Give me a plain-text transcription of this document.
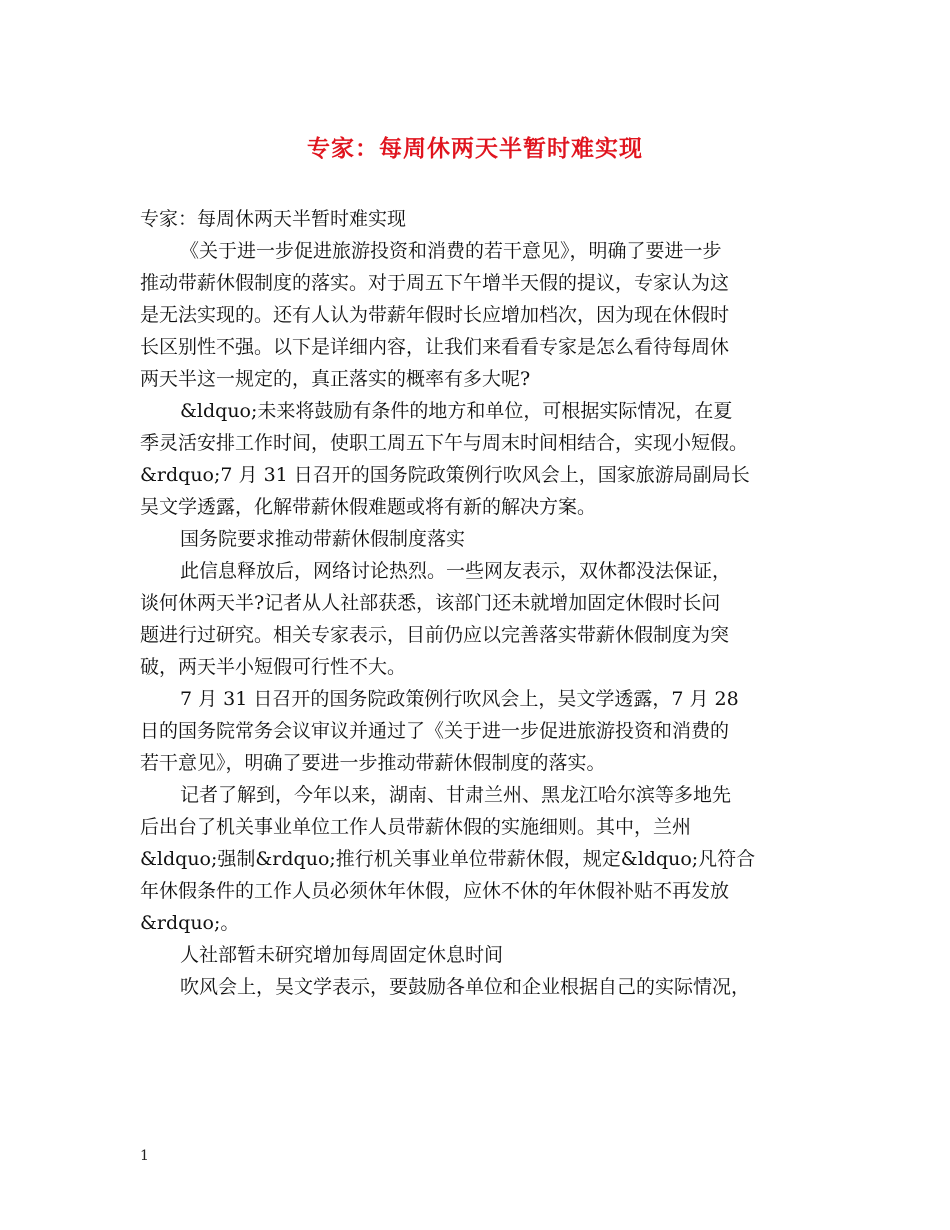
专家：每周休两天半暂时难实现
专家：每周休两天半暂时难实现
《关于进一步促进旅游投资和消费的若干意见》，明确了要进一步
推动带薪休假制度的落实。对于周五下午增半天假的提议，专家认为这
是无法实现的。还有人认为带薪年假时长应增加档次，因为现在休假时
长区别性不强。以下是详细内容，让我们来看看专家是怎么看待每周休
两天半这一规定的，真正落实的概率有多大呢?
&ldquo;未来将鼓励有条件的地方和单位，可根据实际情况，在夏
季灵活安排工作时间，使职工周五下午与周末时间相结合，实现小短假。
&rdquo;7 月 31 日召开的国务院政策例行吹风会上，国家旅游局副局长
吴文学透露，化解带薪休假难题或将有新的解决方案。
国务院要求推动带薪休假制度落实
此信息释放后，网络讨论热烈。一些网友表示，双休都没法保证，
谈何休两天半?记者从人社部获悉，该部门还未就增加固定休假时长问
题进行过研究。相关专家表示，目前仍应以完善落实带薪休假制度为突
破，两天半小短假可行性不大。
7 月 31 日召开的国务院政策例行吹风会上，吴文学透露，7 月 28
日的国务院常务会议审议并通过了《关于进一步促进旅游投资和消费的
若干意见》，明确了要进一步推动带薪休假制度的落实。
记者了解到，今年以来，湖南、甘肃兰州、黑龙江哈尔滨等多地先
后出台了机关事业单位工作人员带薪休假的实施细则。其中，兰州
&ldquo;强制&rdquo;推行机关事业单位带薪休假，规定&ldquo;凡符合
年休假条件的工作人员必须休年休假，应休不休的年休假补贴不再发放
&rdquo;。
人社部暂未研究增加每周固定休息时间
吹风会上，吴文学表示，要鼓励各单位和企业根据自己的实际情况，
1
